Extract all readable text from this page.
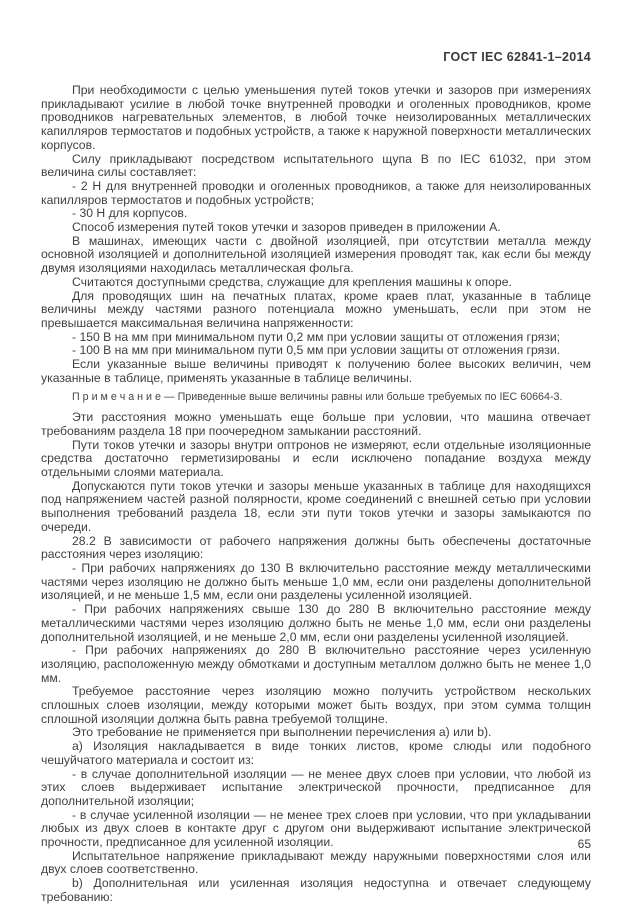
ГОСТ IEC 62841-1–2014

При необходимости с целью уменьшения путей токов утечки и зазоров при измерениях прикладывают усилие в любой точке внутренней проводки и оголенных проводников, кроме проводников нагревательных элементов, в любой точке неизолированных металлических капилляров термостатов и подобных устройств, а также к наружной поверхности металлических корпусов.

Силу прикладывают посредством испытательного щупа В по IEC 61032, при этом величина силы составляет:

- 2 Н для внутренней проводки и оголенных проводников, а также для неизолированных капилляров термостатов и подобных устройств;

- 30 Н для корпусов.

Способ измерения путей токов утечки и зазоров приведен в приложении А.

В машинах, имеющих части с двойной изоляцией, при отсутствии металла между основной изоляцией и дополнительной изоляцией измерения проводят так, как если бы между двумя изоляциями находилась металлическая фольга.

Считаются доступными средства, служащие для крепления машины к опоре.

Для проводящих шин на печатных платах, кроме краев плат, указанные в таблице величины между частями разного потенциала можно уменьшать, если при этом не превышается максимальная величина напряженности:

- 150 В на мм при минимальном пути 0,2 мм при условии защиты от отложения грязи;

- 100 В на мм при минимальном пути 0,5 мм при условии защиты от отложения грязи.

Если указанные выше величины приводят к получению более высоких величин, чем указанные в таблице, применять указанные в таблице величины.

П р и м е ч а н и е — Приведенные выше величины равны или больше требуемых по IEC 60664-3.

Эти расстояния можно уменьшать еще больше при условии, что машина отвечает требованиям раздела 18 при поочередном замыкании расстояний.

Пути токов утечки и зазоры внутри оптронов не измеряют, если отдельные изоляционные средства достаточно герметизированы и если исключено попадание воздуха между отдельными слоями материала.

Допускаются пути токов утечки и зазоры меньше указанных в таблице для находящихся под напряжением частей разной полярности, кроме соединений с внешней сетью при условии выполнения требований раздела 18, если эти пути токов утечки и зазоры замыкаются по очереди.

28.2 В зависимости от рабочего напряжения должны быть обеспечены достаточные расстояния через изоляцию:

- При рабочих напряжениях до 130 В включительно расстояние между металлическими частями через изоляцию не должно быть меньше 1,0 мм, если они разделены дополнительной изоляцией, и не меньше 1,5 мм, если они разделены усиленной изоляцией.

- При рабочих напряжениях свыше 130 до 280 В включительно расстояние между металлическими частями через изоляцию должно быть не менье 1,0 мм, если они разделены дополнительной изоляцией, и не меньше 2,0 мм, если они разделены усиленной изоляцией.

- При рабочих напряжениях до 280 В включительно расстояние через усиленную изоляцию, расположенную между обмотками и доступным металлом должно быть не менее 1,0 мм.

Требуемое расстояние через изоляцию можно получить устройством нескольких сплошных слоев изоляции, между которыми может быть воздух, при этом сумма толщин сплошной изоляции должна быть равна требуемой толщине.

Это требование не применяется при выполнении перечисления a) или b).

a) Изоляция накладывается в виде тонких листов, кроме слюды или подобного чешуйчатого материала и состоит из:

- в случае дополнительной изоляции — не менее двух слоев при условии, что любой из этих слоев выдерживает испытание электрической прочности, предписанное для дополнительной изоляции;

- в случае усиленной изоляции — не менее трех слоев при условии, что при укладывании любых из двух слоев в контакте друг с другом они выдерживают испытание электрической прочности, предписанное для усиленной изоляции.

Испытательное напряжение прикладывают между наружными поверхностями слоя или двух слоев соответственно.

b) Дополнительная или усиленная изоляция недоступна и отвечает следующему требованию:

65
